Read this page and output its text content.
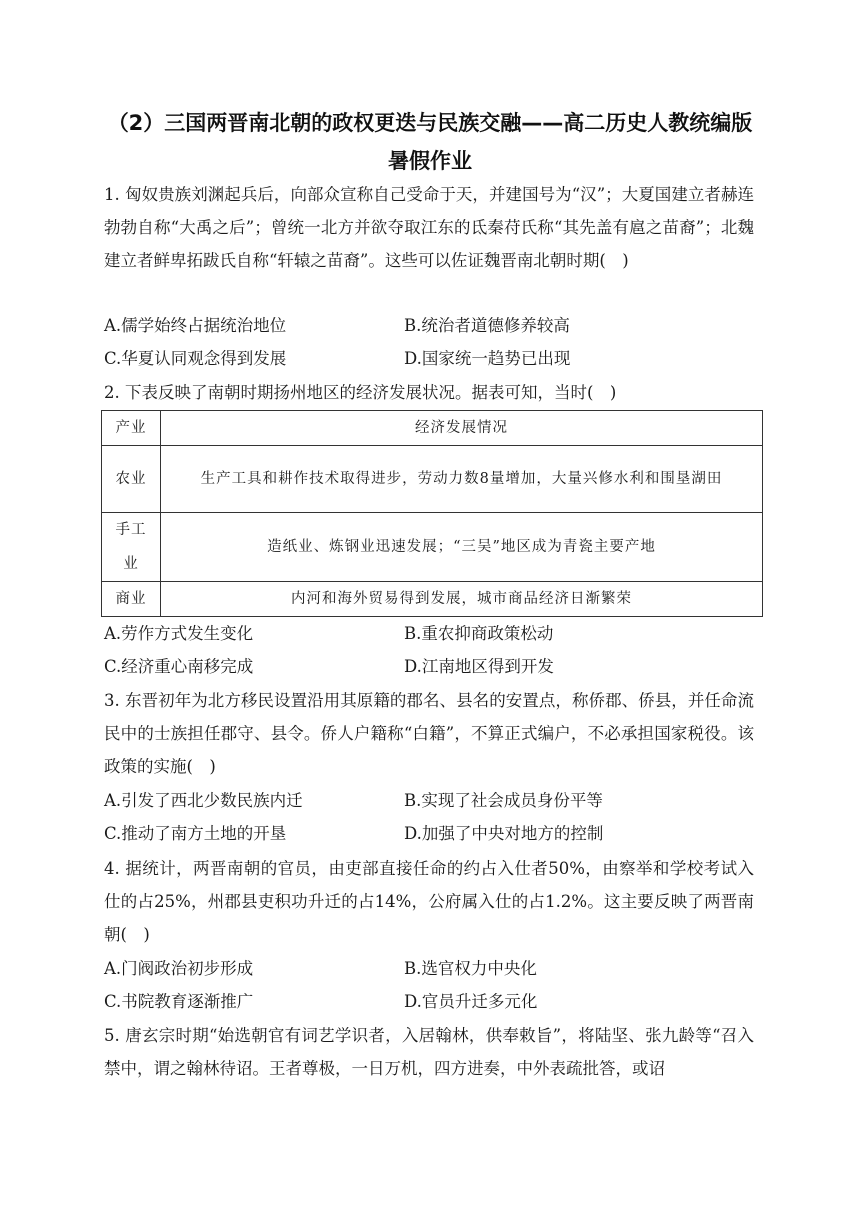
（2）三国两晋南北朝的政权更迭与民族交融——高二历史人教统编版暑假作业
1. 匈奴贵族刘渊起兵后，向部众宣称自己受命于天，并建国号为“汉”；大夏国建立者赫连勃勃自称“大禹之后”；曾统一北方并欲夺取江东的氐秦苻氏称“其先盖有扈之苗裔”；北魏建立者鲜卑拓跋氏自称“轩辕之苗裔”。这些可以佐证魏晋南北朝时期(　)
A.儒学始终占据统治地位	B.统治者道德修养较高
C.华夏认同观念得到发展	D.国家统一趋势已出现
2. 下表反映了南朝时期扬州地区的经济发展状况。据表可知，当时(　)
产业	经济发展情况
农业	生产工具和耕作技术取得进步，劳动力数8量增加，大量兴修水利和围垦湖田
手工业	造纸业、炼钢业迅速发展；“三吴”地区成为青瓷主要产地
商业	内河和海外贸易得到发展，城市商品经济日渐繁荣
A.劳作方式发生变化	B.重农抑商政策松动
C.经济重心南移完成	D.江南地区得到开发
3. 东晋初年为北方移民设置沿用其原籍的郡名、县名的安置点，称侨郡、侨县，并任命流民中的士族担任郡守、县令。侨人户籍称“白籍”，不算正式编户，不必承担国家税役。该政策的实施(　)
A.引发了西北少数民族内迁	B.实现了社会成员身份平等
C.推动了南方土地的开垦	D.加强了中央对地方的控制
4. 据统计，两晋南朝的官员，由吏部直接任命的约占入仕者50%，由察举和学校考试入仕的占25%，州郡县吏积功升迁的占14%，公府属入仕的占1.2%。这主要反映了两晋南朝(　)
A.门阀政治初步形成	B.选官权力中央化
C.书院教育逐渐推广	D.官员升迁多元化
5. 唐玄宗时期“始选朝官有词艺学识者，入居翰林，供奉敕旨”，将陆坚、张九龄等“召入禁中，谓之翰林待诏。王者尊极，一日万机，四方进奏，中外表疏批答，或诏
